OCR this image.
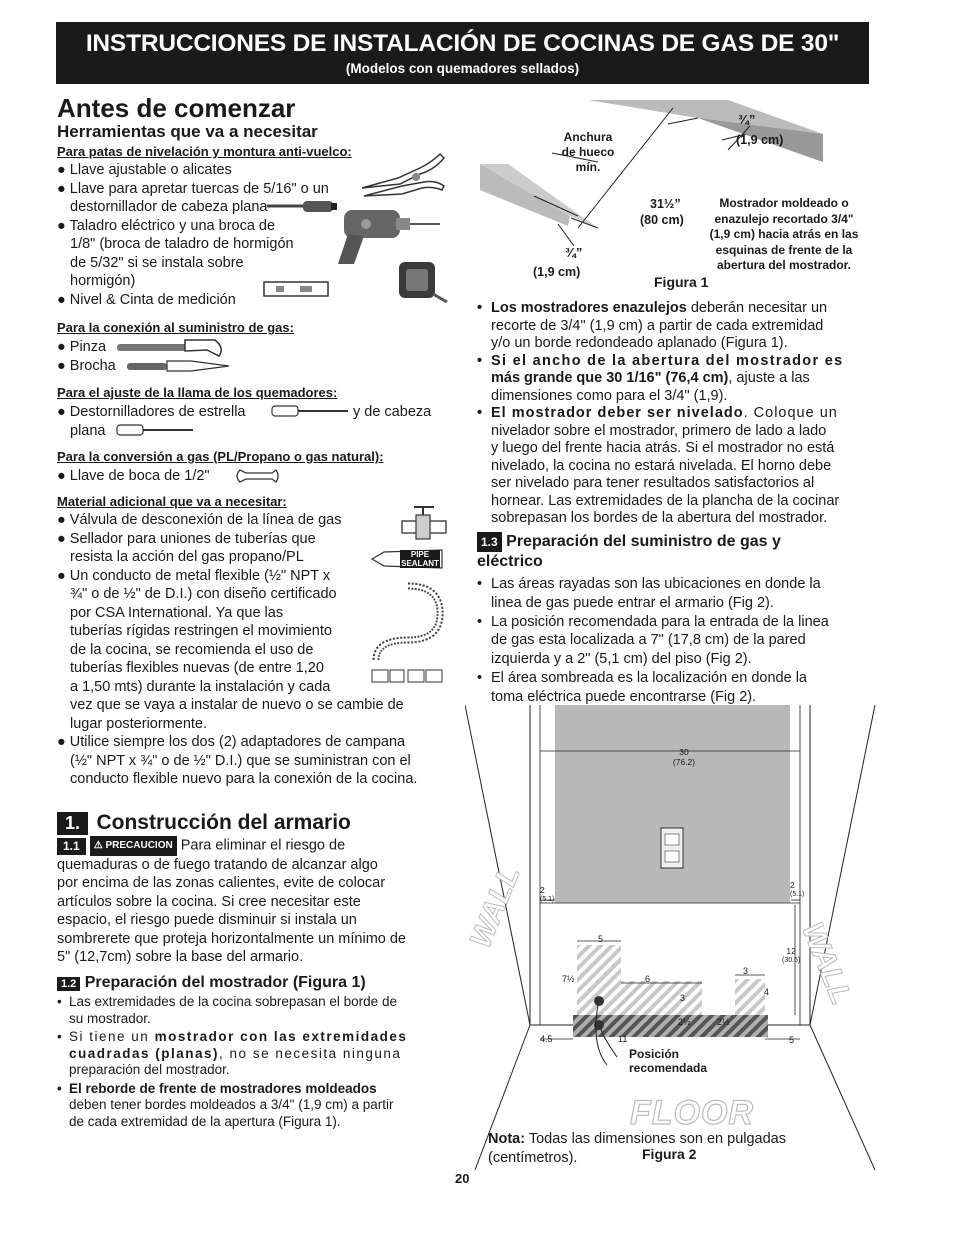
INSTRUCCIONES DE INSTALACIÓN DE COCINAS DE GAS DE 30"
(Modelos con quemadores sellados)
Antes de comenzar
Herramientas que va a necesitar
Para patas de nivelación y montura anti-vuelco:
● Llave ajustable o alicates
● Llave para apretar tuercas de 5/16" o un
destornillador de cabeza plana
● Taladro eléctrico y una broca de
1/8" (broca de taladro de hormigón
de 5/32" si se instala sobre
hormigón)
● Nivel & Cinta de medición
Para la conexión al suministro de gas:
● Pinza
● Brocha
Para el ajuste de la llama de los quemadores:
● Destornilladores de estrella	y de cabeza
plana
Para la conversión a gas (PL/Propano o gas natural):
● Llave de boca de 1/2"
Material adicional que va a necesitar:
● Válvula de desconexión de la línea de gas
● Sellador para uniones de tuberías que
resista la acción del gas propano/PL
● Un conducto de metal flexible (½" NPT x
¾" o de ½" de D.I.) con diseño certificado
por CSA International. Ya que las
tuberías rígidas restringen el movimiento
de la cocina, se recomienda el uso de
tuberías flexibles nuevas (de entre 1,20
a 1,50 mts) durante la instalación y cada
vez que se vaya a instalar de nuevo o se cambie de
lugar posteriormente.
● Utilice siempre los dos (2) adaptadores de campana
(½" NPT x ¾" o de ½" D.I.) que se suministran con el
conducto flexible nuevo para la conexión de la cocina.
PIPE
SEALANT
1. Construcción del armario
1.1 ⚠ PRECAUCION Para eliminar el riesgo de
quemaduras o de fuego tratando de alcanzar algo
por encima de las zonas calientes, evite de colocar
artículos sobre la cocina. Si cree necesitar este
espacio, el riesgo puede disminuir si instala un
sombrerete que proteja horizontalmente un mínimo de
5" (12,7cm) sobre la base del armario.
1.2 Preparación del mostrador (Figura 1)
• Las extremidades de la cocina sobrepasan el borde de
su mostrador.
• Si tiene un mostrador con las extremidades
cuadradas (planas), no se necesita ninguna
preparación del mostrador.
• El reborde de frente de mostradores moldeados
deben tener bordes moldeados a 3/4" (1,9 cm) a partir
de cada extremidad de la apertura (Figura 1).
Anchura
de hueco
mín.
¾”
(1,9 cm)
31½”
(80 cm)
Mostrador moldeado o
enazulejo recortado 3/4"
(1,9 cm) hacia atrás en las
esquinas de frente de la
abertura del mostrador.
¾”
(1,9 cm)
Figura 1
• Los mostradores enazulejos deberán necesitar un
recorte de 3/4" (1,9 cm) a partir de cada extremidad
y/o un borde redondeado aplanado (Figura 1).
• Si el ancho de la abertura del mostrador es
más grande que 30 1/16" (76,4 cm), ajuste a las
dimensiones como para el 3/4" (1,9).
• El mostrador deber ser nivelado. Coloque un
nivelador sobre el mostrador, primero de lado a lado
y luego del frente hacia atrás. Si el mostrador no está
nivelado, la cocina no estará nivelada. El horno debe
ser nivelado para tener resultados satisfactorios al
hornear. Las extremidades de la plancha de la cocinar
sobrepasan los bordes de la abertura del mostrador.
1.3 Preparación del suministro de gas y
eléctrico
• Las áreas rayadas son las ubicaciones en donde la
linea de gas puede entrar el armario (Fig 2).
• La posición recomendada para la entrada de la linea
de gas esta localizada a 7" (17,8 cm) de la pared
izquierda y a 2" (5,1 cm) del piso (Fig 2).
• El área sombreada es la localización en donde la
toma eléctrica puede encontrarse (Fig 2).
30
(76.2)
2
(5.1)
2
(5.1)
12
(30.5)
5
7½	6
3
2½	2½
3
4
4.5	11	5
WALL
WALL
FLOOR
Posición
recomendada
Nota: Todas las dimensiones son en pulgadas
(centímetros).	Figura 2
20
